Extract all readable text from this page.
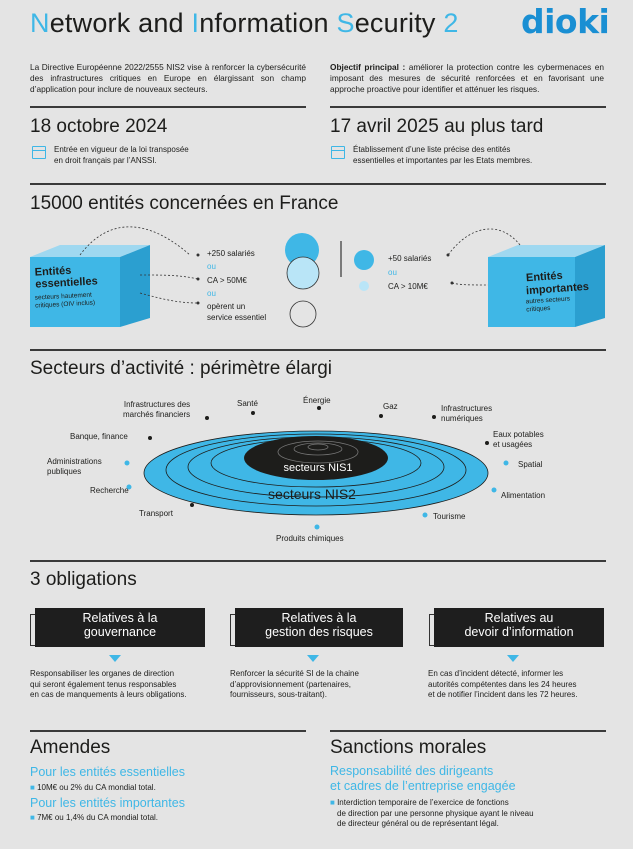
Network and Information Security 2 dioki
La Directive Européenne 2022/2555 NIS2 vise à renforcer la cybersécurité des infrastructures critiques en Europe en élargissant son champ d’application pour inclure de nouveaux secteurs.
Objectif principal : améliorer la protection contre les cybermenaces en imposant des mesures de sécurité renforcées et en favorisant une approche proactive pour identifier et atténuer les risques.
18 octobre 2024	17 avril 2025 au plus tard
Entrée en vigueur de la loi transposée
en droit français par l’ANSSI.
Établissement d’une liste précise des entités
essentielles et importantes par les Etats membres.
15000 entités concernées en France
Entités
essentielles
secteurs hautement
critiques (OIV inclus)
Entités
importantes
autres secteurs
critiques
+250 salariés
ou
CA > 50M€
ou
opèrent un
service essentiel
+50 salariés
ou
CA > 10M€
Secteurs d’activité : périmètre élargi
secteurs NIS1
secteurs NIS2
Infrastructures des
marchés financiers
Santé	Énergie
Gaz	Infrastructures
numériques
Banque, finance	Eaux potables
et usagées
Administrations
publiques
Spatial
Recherche
Alimentation
Transport	Tourisme
Produits chimiques
3 obligations
Relatives à la
gouvernance
Relatives à la
gestion des risques
Relatives au
devoir d’information
Responsabiliser les organes de direction
qui seront également tenus responsables
en cas de manquements à leurs obligations.
Renforcer la sécurité SI de la chaine
d’approvisionnement (partenaires,
fournisseurs, sous-traitant).
En cas d’incident détecté, informer les
autorités compétentes dans les 24 heures
et de notifier l’incident dans les 72 heures.
Amendes	Sanctions morales
Pour les entités essentielles
■ 10M€ ou 2% du CA mondial total.
Pour les entités importantes
■ 7M€ ou 1,4% du CA mondial total.
Responsabilité des dirigeants
et cadres de l’entreprise engagée
■ Interdiction temporaire de l’exercice de fonctions
de direction par une personne physique ayant le niveau
de directeur général ou de représentant légal.
